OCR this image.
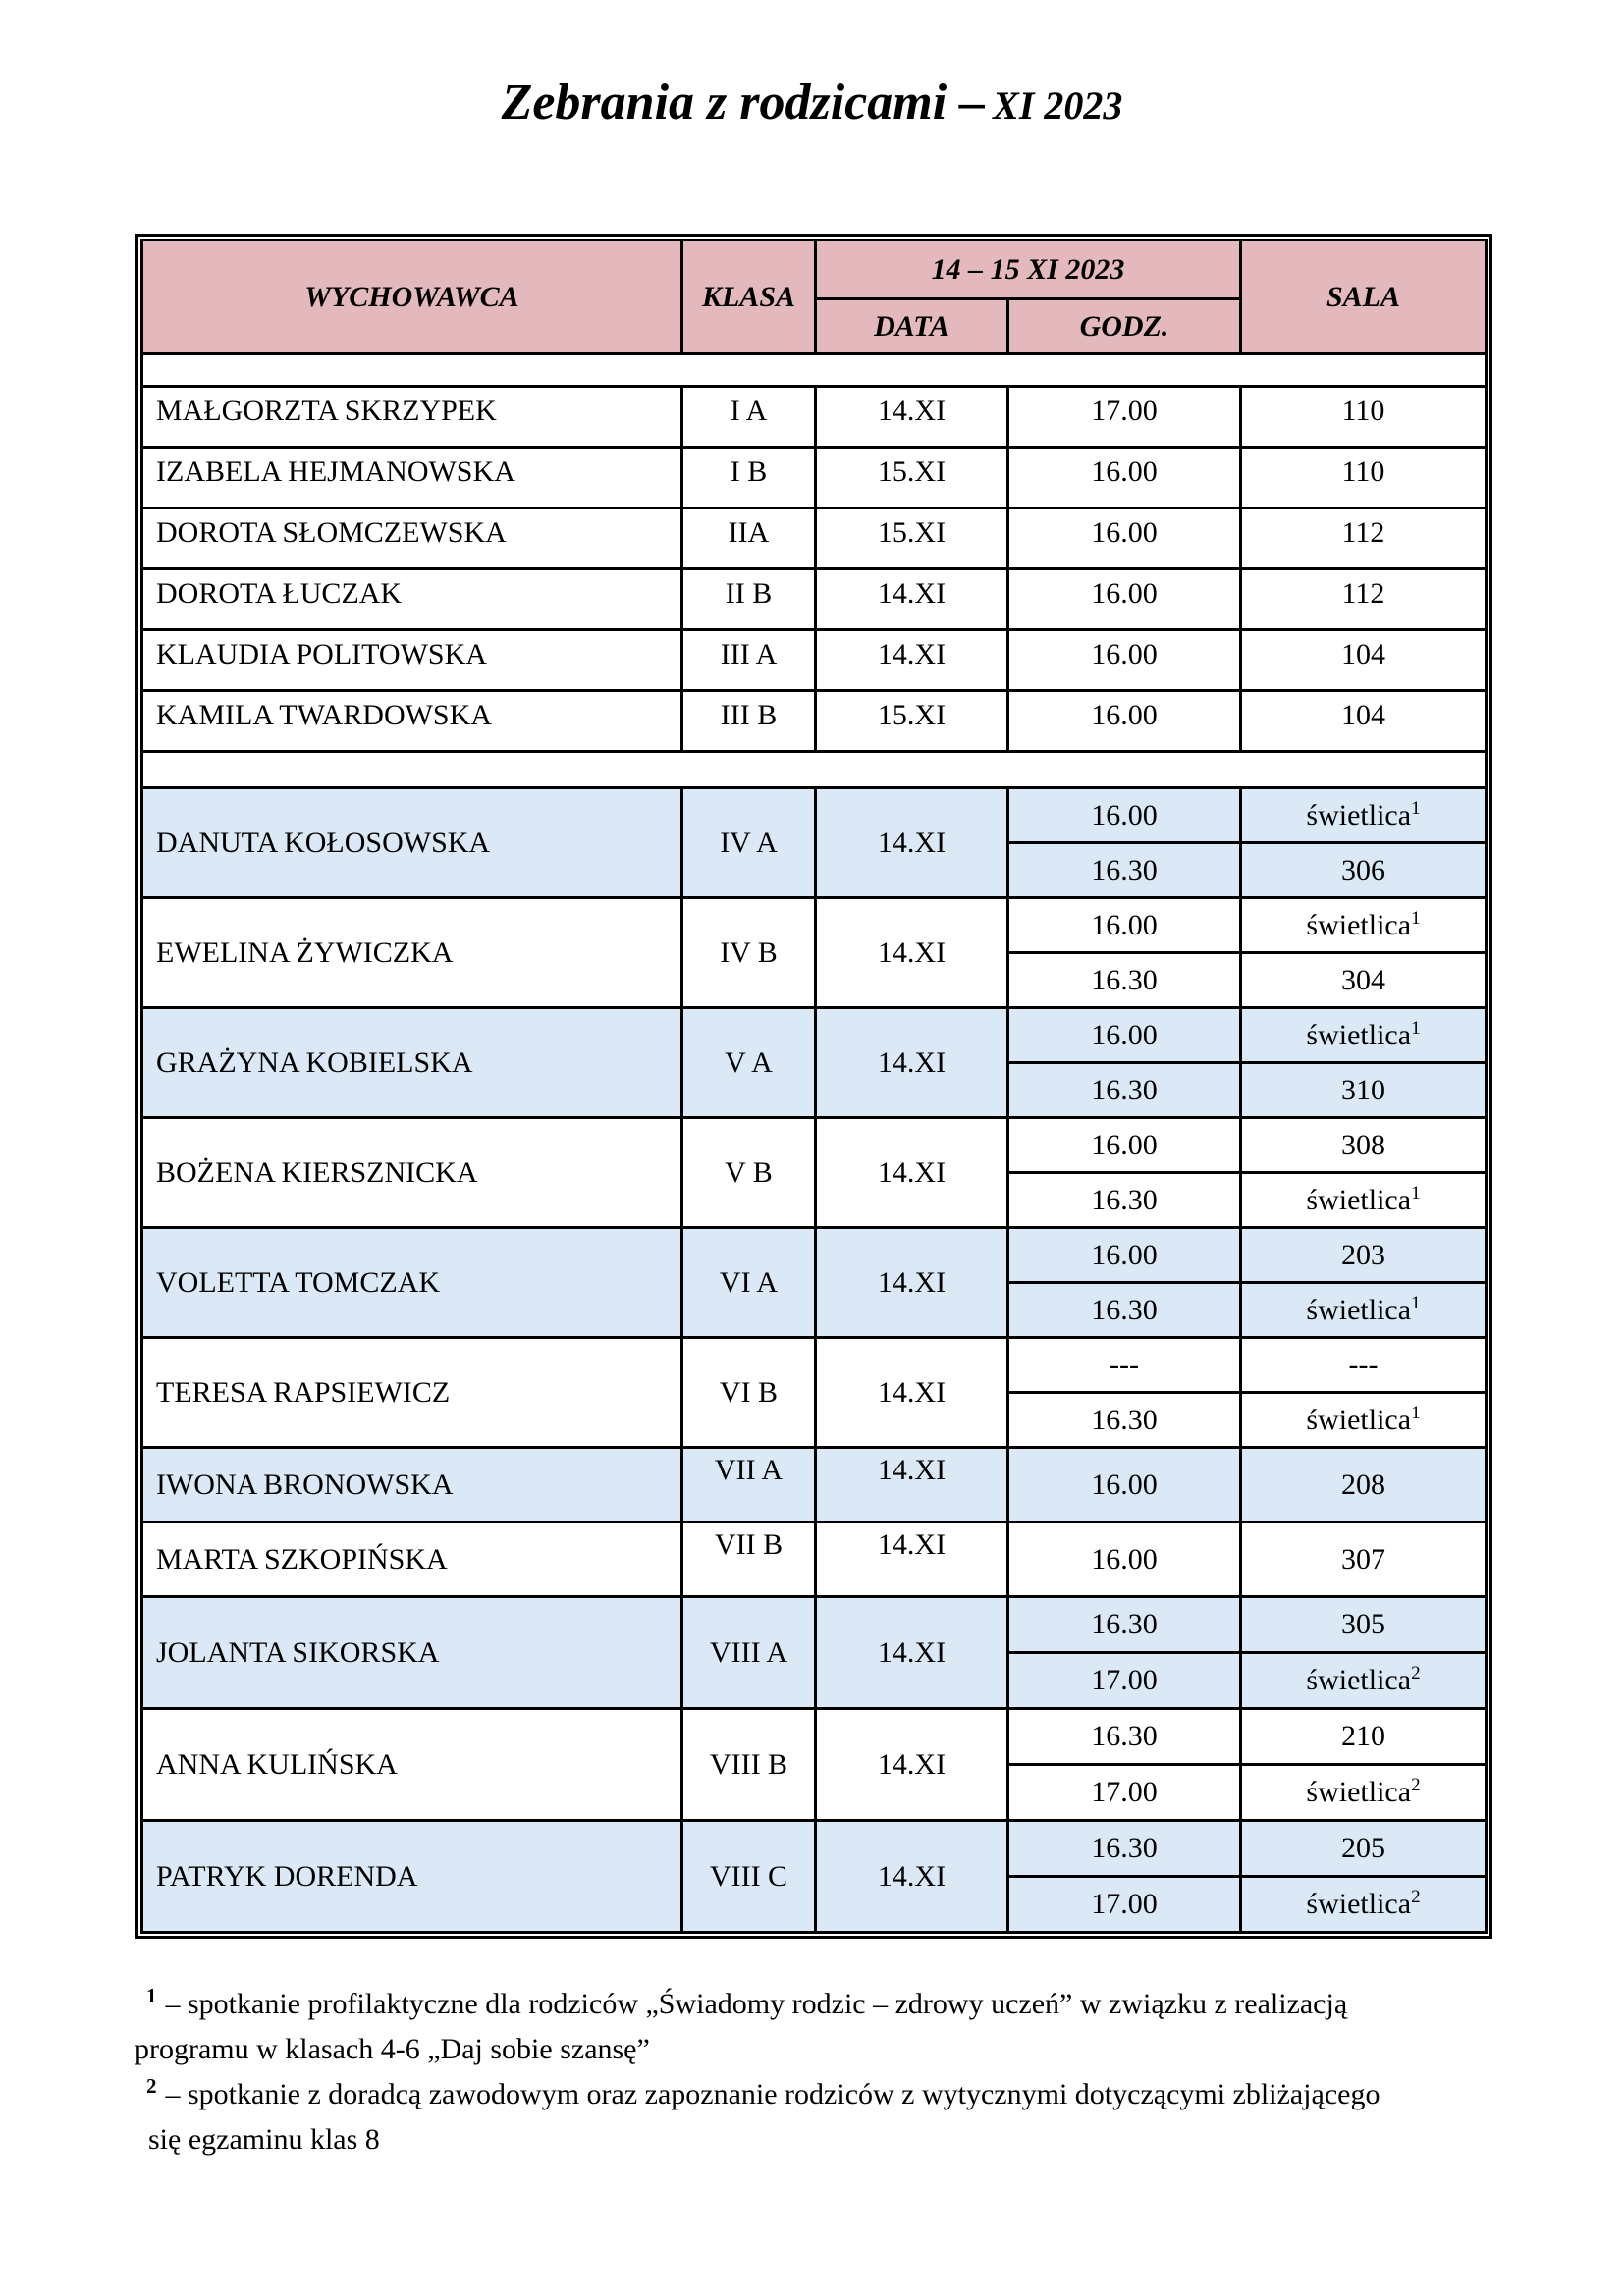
Zebrania z rodzicami – XI 2023
WYCHOWAWCA	KLASA	14 – 15 XI 2023		SALA
		DATA	GODZ.	

MAŁGORZTA SKRZYPEK	I A	14.XI	17.00	110
IZABELA HEJMANOWSKA	I B	15.XI	16.00	110
DOROTA SŁOMCZEWSKA	IIA	15.XI	16.00	112
DOROTA ŁUCZAK	II B	14.XI	16.00	112
KLAUDIA POLITOWSKA	III A	14.XI	16.00	104
KAMILA TWARDOWSKA	III B	15.XI	16.00	104

DANUTA KOŁOSOWSKA	IV A	14.XI	16.00	świetlica$^1$
			16.30	306
EWELINA ŻYWICZKA	IV B	14.XI	16.00	świetlica$^1$
			16.30	304
GRAŻYNA KOBIELSKA	V A	14.XI	16.00	świetlica$^1$
			16.30	310
BOŻENA KIERSZNICKA	V B	14.XI	16.00	308
			16.30	świetlica$^1$
VOLETTA TOMCZAK	VI A	14.XI	16.00	203
			16.30	świetlica$^1$
TERESA RAPSIEWICZ	VI B	14.XI	---	---
			16.30	świetlica$^1$
IWONA BRONOWSKA	VII A	14.XI	16.00	208
MARTA SZKOPIŃSKA	VII B	14.XI	16.00	307
JOLANTA SIKORSKA	VIII A	14.XI	16.30	305
			17.00	świetlica$^2$
ANNA KULIŃSKA	VIII B	14.XI	16.30	210
			17.00	świetlica$^2$
PATRYK DORENDA	VIII C	14.XI	16.30	205
			17.00	świetlica$^2$

$^1$ – spotkanie profilaktyczne dla rodziców „Świadomy rodzic – zdrowy uczeń” w związku z realizacją
programu w klasach 4-6 „Daj sobie szansę”

$^2$ – spotkanie z doradcą zawodowym oraz zapoznanie rodziców z wytycznymi dotyczącymi zbliżającego
się egzaminu klas 8
